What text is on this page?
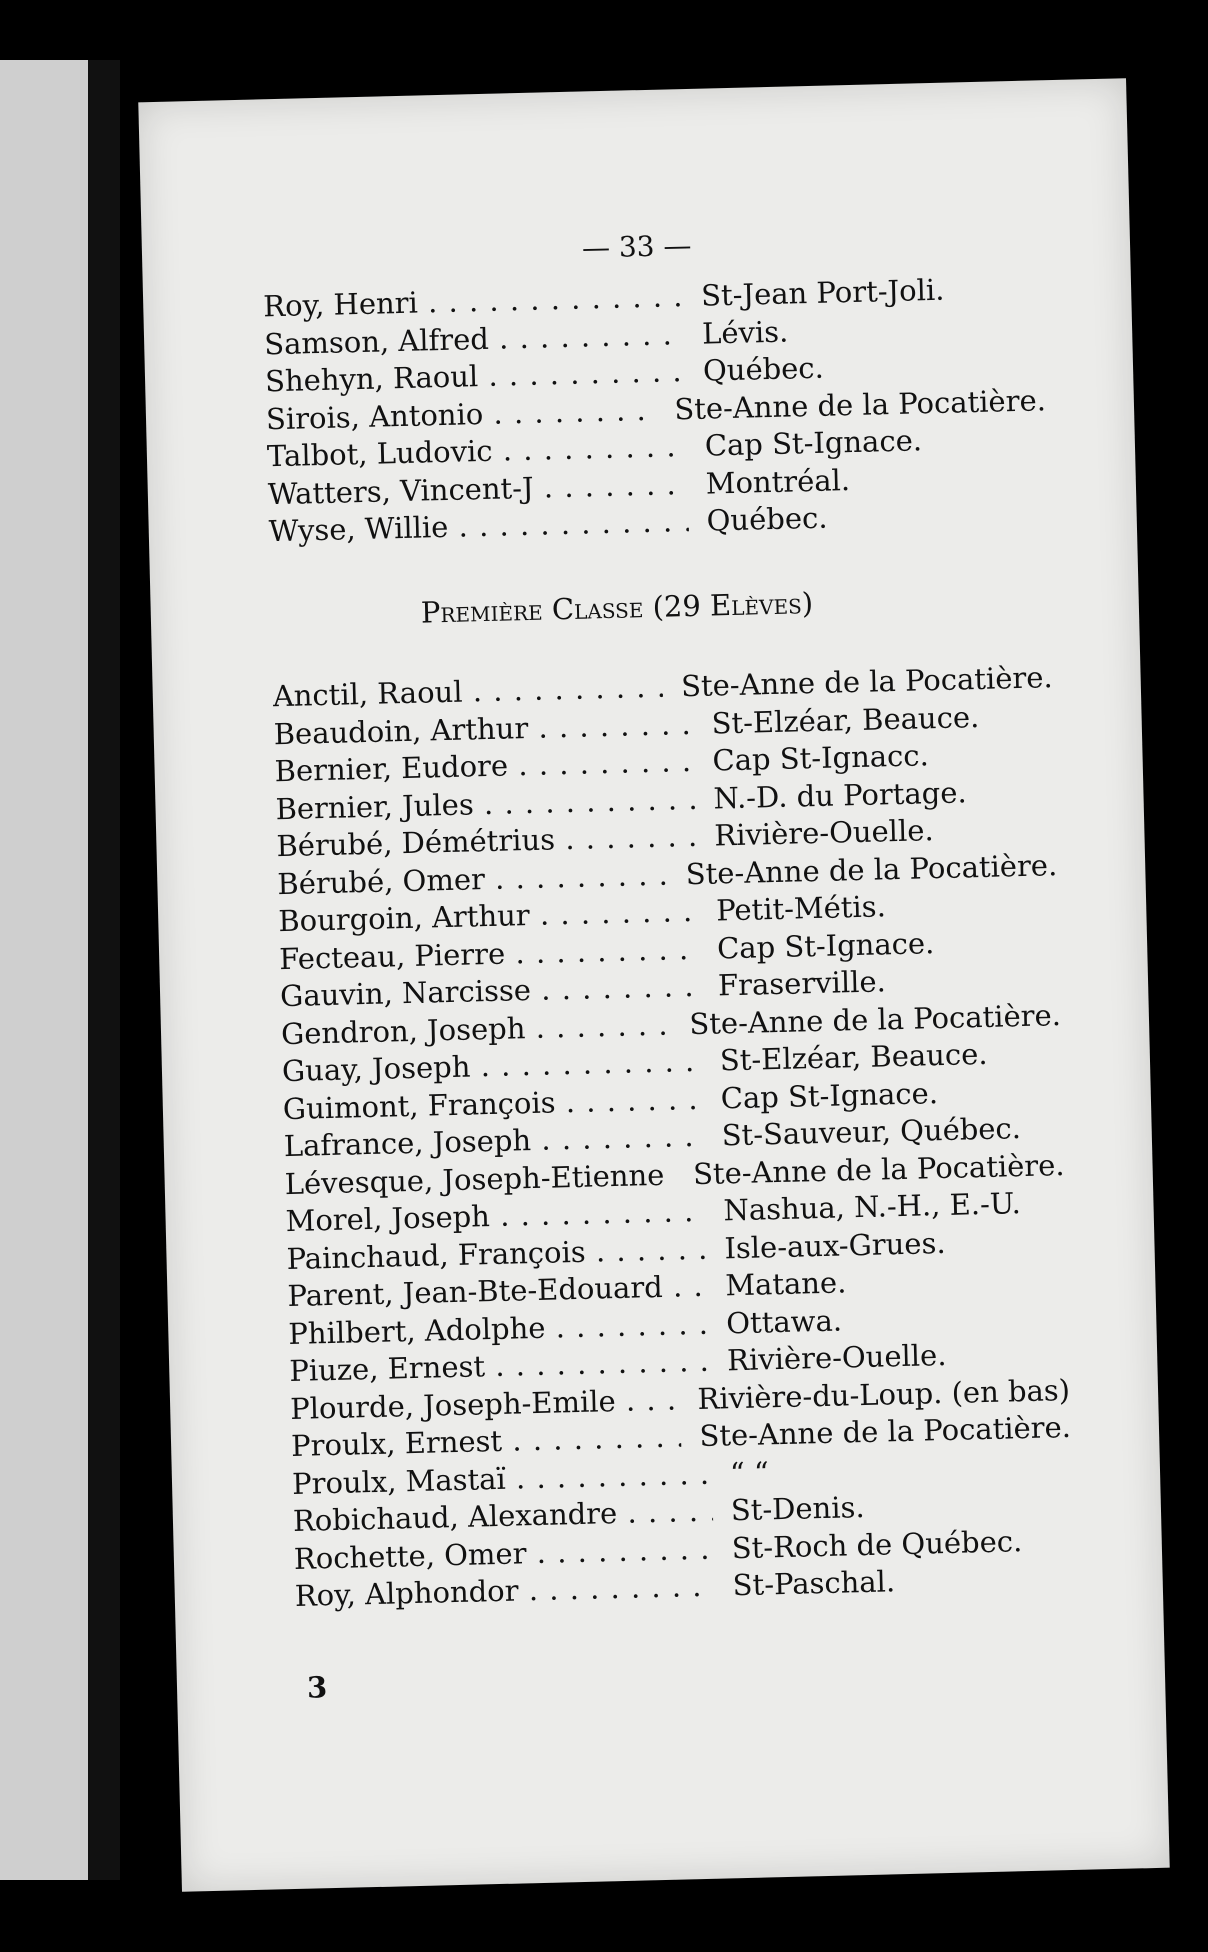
— 33 —
Roy, Henri . . .	St-Jean Port-Joli.
Samson, Alfred . . .	Lévis.
Shehyn, Raoul . . .	Québec.
Sirois, Antonio . . .	Ste-Anne de la Pocatière.
Talbot, Ludovic . . .	Cap St-Ignace.
Watters, Vincent-J . . .	Montréal.
Wyse, Willie . . .	Québec.
Première Classe (29 Elèves)
Anctil, Raoul . . .	Ste-Anne de la Pocatière.
Beaudoin, Arthur . . .	St-Elzéar, Beauce.
Bernier, Eudore . . .	Cap St-Ignacc.
Bernier, Jules . . .	N.-D. du Portage.
Bérubé, Démétrius . . .	Rivière-Ouelle.
Bérubé, Omer . . .	Ste-Anne de la Pocatière.
Bourgoin, Arthur . . .	Petit-Métis.
Fecteau, Pierre . . .	Cap St-Ignace.
Gauvin, Narcisse . . .	Fraserville.
Gendron, Joseph . . .	Ste-Anne de la Pocatière.
Guay, Joseph . . .	St-Elzéar, Beauce.
Guimont, François . . .	Cap St-Ignace.
Lafrance, Joseph . . .	St-Sauveur, Québec.
Lévesque, Joseph-Etienne . . . Ste-Anne de la Pocatière.
Morel, Joseph . . .	Nashua, N.-H., E.-U.
Painchaud, François . . .	Isle-aux-Grues.
Parent, Jean-Bte-Edouard . . .	Matane.
Philbert, Adolphe . . .	Ottawa.
Piuze, Ernest . . .	Rivière-Ouelle.
Plourde, Joseph-Emile . . .	Rivière-du-Loup. (en bas)
Proulx, Ernest . . .	Ste-Anne de la Pocatière.
Proulx, Mastaï . . .	“ “
Robichaud, Alexandre . . .	St-Denis.
Rochette, Omer . . .	St-Roch de Québec.
Roy, Alphondor . . .	St-Paschal.
3
